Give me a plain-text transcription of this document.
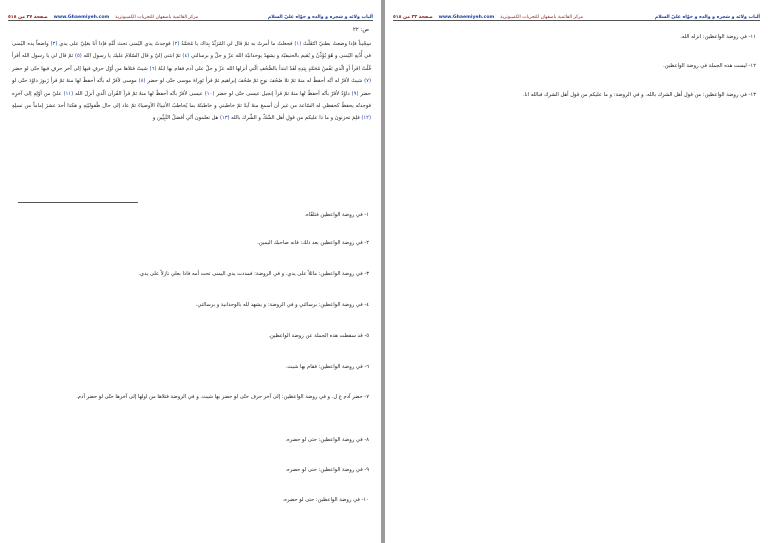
ألباب ولائه و شجره و والده و خوّاه عليّ السلام
مركز القائمية باصفهان للتحريات الكمبيوترية
www.Ghaemiyeh.com
صفحة ٣٧ من ٥١٨
ص: ٢٢
سِجّيناً فإذا وضعتُ بطنيّ انْتَقَلْتُ (١) فجعلتُ ما أمرتُ به ثمّ قال لي المُرَبِّدُ بِذاك يا مُحَمَّدُ (٢) فوجدتُ يدي اليُمنى تحتَ أمِّهِ فإذا أنا بعَلِيّ على يدي (٣) واضعاً يده اليُمنى في أُذُنِهِ اليُمنى و هُوَ يُؤَذِّنُ و يُقيم بالحنيفيّة و يشهدُ بوحدانيّة الله عزّ و جلّ و برسالتي (٤) ثمّ انثنى إليّ و قال السّلامُ عليك يا رسول الله (٥) ثمّ قال لي يا رسول الله أقرأ قُلْتُ اقرأ أو الّذي نَفْسُ مُحَمَّدٍ بِيَدِهِ لَقَدْ ابتدأ بالصُّحُفِ الّتي أنزلها الله عزّ و جلّ على آدم فقام بها ابنُهُ (٦) شيتٌ فتلاها من أوّل حرفٍ فيها إلى آخر حرفٍ فيها حتّى لو حضر (٧) شيتٌ لأقرّ له أنّه أحفظُ له منهُ ثمّ تلا صُحُفَ نوحٍ ثمّ صُحُفَ إبراهيم ثمّ قرأ تَوراةَ موسى حتّى لو حضر (٨) موسى لأقرّ له بأنّه أحفظُ لها منهُ ثمّ قرأ زَبورَ داوُدَ حتّى لو حضر (٩) داوُدُ لأقرّ بأنّه أحفظُ لها منهُ ثمّ قرأ إنجيل عيسى حتّى لو حضر (١٠) عيسى لأقرّ بأنّه أحفظُ لها منهُ ثمّ قرأ القُرآن الّذي أنزلَ الله (١١) عليّ من أوّلِهِ إلى آخرِه فوجدتُه يحفظُ كحفظي له السّاعة من غير أن أسمعَ منهُ آيةً ثمّ خاطبني و خاطبتُهُ بما يُخاطبُ الأنبياءُ الأوصياءَ ثمّ عاد إلى حال طُفوليّتِهِ و هكذا أحدَ عشرَ إماماً من نسلِهِ (١٢) فلِمَ تحزنونَ و ما ذا عليكم من قولِ أهل الشّكّ و الشِّرك بالله (١٣) هل تعلمون أنّي أفضلُ النَّبِيِّين و
١- في روضة الواعظين فتلقّاه.
٢- في روضة الواعظين بعد ذلك: فانه صاحبك اليمين.
٣- في روضة الواعظين: مائلاً على يدي. و في الروضة: فمددت يدي اليمنى تحت أمه فاذا بعلي نازلاً على يدي.
٤- في روضة الواعظين: برسالتي و في الروضة: و يشهد لله بالوحدانية و برسالتي.
٥- قد سقطت هذه الجملة عن روضة الواعظين.
٦- في روضة الواعظين: فقام بها شيث.
٧- حضر آدم ع ل. و في روضة الواعظين: إلى آخر حرف حتّى لو حضر بها شيث. و في الروضة فتلاها من اولها إلى آخرها حتّى لو حضر آدم.
٨- في روضة الواعظين: حتى لو حضره.
٩- في روضة الواعظين: حتى لو حضره.
١٠- في روضة الواعظين: حتى لو حضره.
ألباب ولائه و شجره و والده و خوّاه عليّ السلام
مركز القائمية باصفهان للتحريات الكمبيوترية
www.Ghaemiyeh.com
صفحة ٣٣ من ٥١٨
١١- في روضة الواعظين: انزله الله.
١٢- ليست هذه الجملة في روضة الواعظين.
١٣- في روضة الواعظين: من قول أهل الشرك بالله. و في الروضة: و ما عليكم من قول أهل الشرك فبالله انا.
